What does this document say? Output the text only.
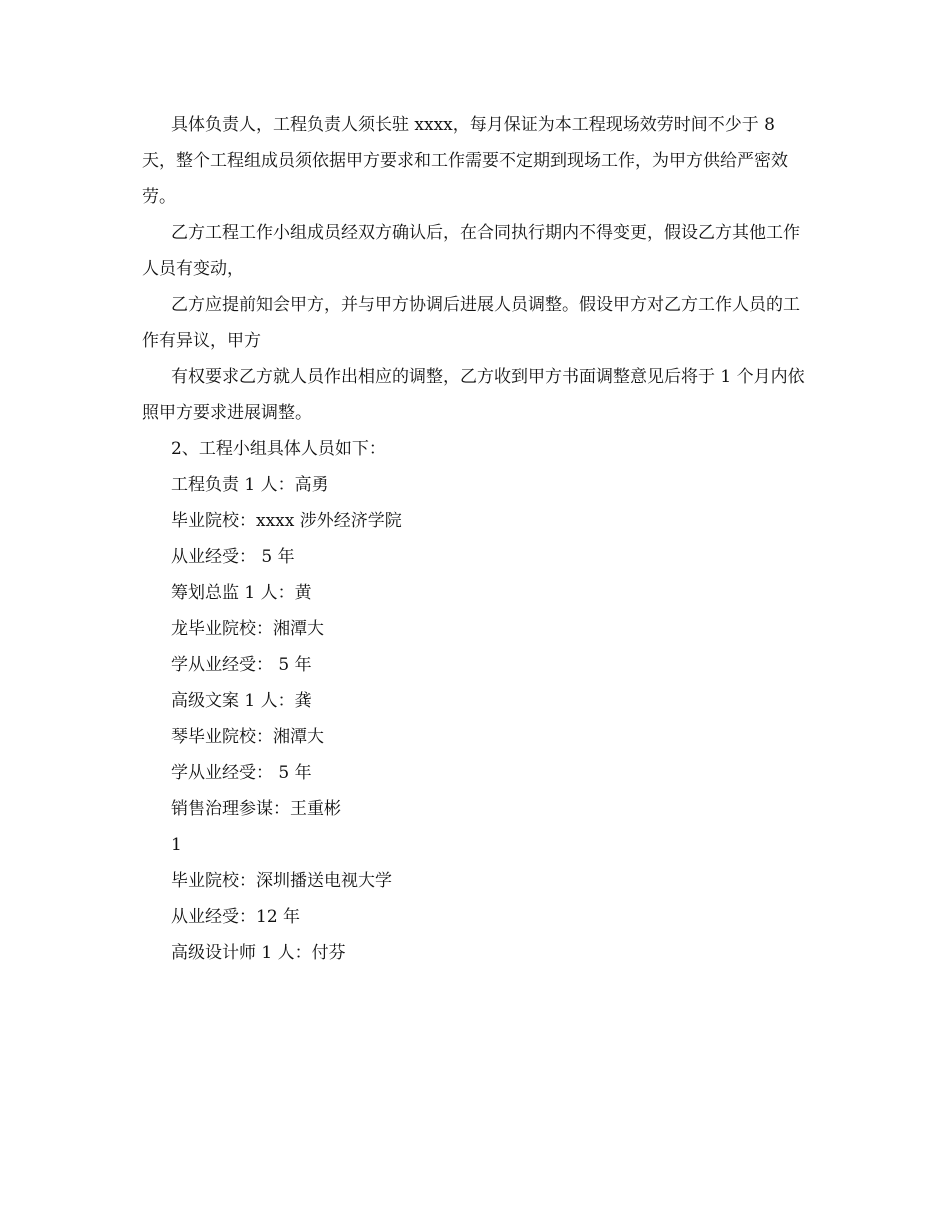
具体负责人，工程负责人须长驻 xxxx，每月保证为本工程现场效劳时间不少于 8 天，整个工程组成员须依据甲方要求和工作需要不定期到现场工作，为甲方供给严密效劳。

乙方工程工作小组成员经双方确认后，在合同执行期内不得变更，假设乙方其他工作人员有变动，

乙方应提前知会甲方，并与甲方协调后进展人员调整。假设甲方对乙方工作人员的工作有异议，甲方

有权要求乙方就人员作出相应的调整，乙方收到甲方书面调整意见后将于 1 个月内依照甲方要求进展调整。

2、工程小组具体人员如下：

工程负责 1 人：高勇

毕业院校：xxxx 涉外经济学院

从业经受： 5 年

筹划总监 1 人：黄

龙毕业院校：湘潭大

学从业经受： 5 年

高级文案 1 人：龚

琴毕业院校：湘潭大

学从业经受： 5 年

销售治理参谋：王重彬

1

毕业院校：深圳播送电视大学

从业经受：12 年

高级设计师 1 人：付芬
